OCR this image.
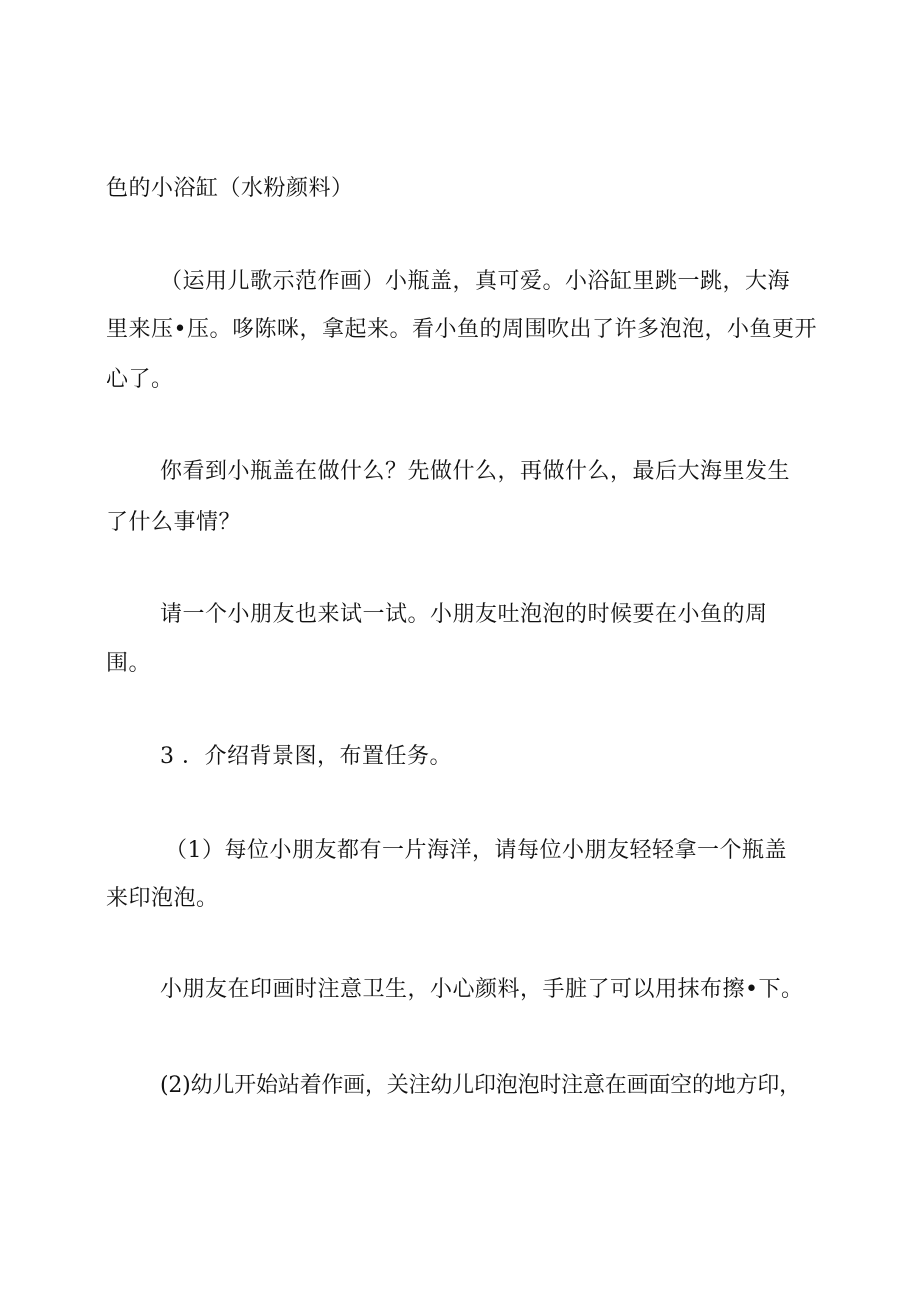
色的小浴缸（水粉颜料）
（运用儿歌示范作画）小瓶盖，真可爱。小浴缸里跳一跳，大海
里来压•压。哆陈咪，拿起来。看小鱼的周围吹出了许多泡泡，小鱼更开
心了。
你看到小瓶盖在做什么？先做什么，再做什么，最后大海里发生
了什么事情？
请一个小朋友也来试一试。小朋友吐泡泡的时候要在小鱼的周
围。
3 ．介绍背景图，布置任务。
（1）每位小朋友都有一片海洋，请每位小朋友轻轻拿一个瓶盖
来印泡泡。
小朋友在印画时注意卫生，小心颜料，手脏了可以用抹布擦•下。
(2)幼儿开始站着作画，关注幼儿印泡泡时注意在画面空的地方印，
